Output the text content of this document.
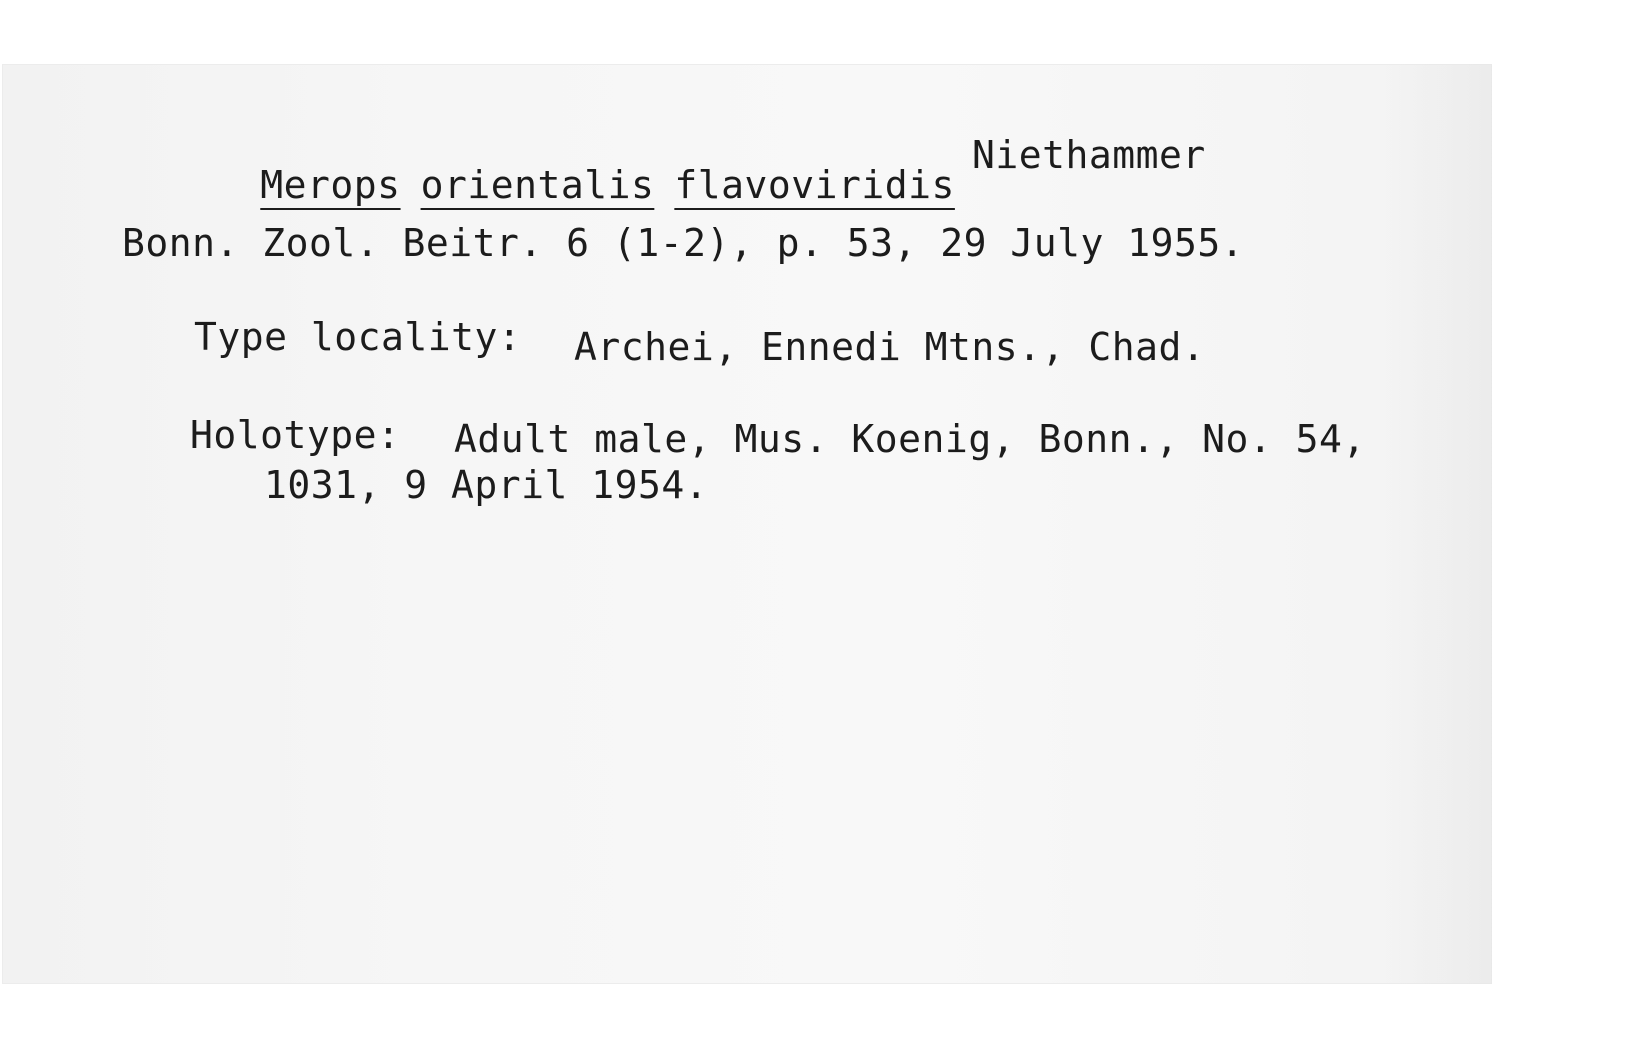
Merops orientalis flavoviridis

Niethammer
Bonn. Zool. Beitr. 6 (1-2), p. 53, 29 July 1955.
Type locality: Archei, Ennedi Mtns., Chad.
Holotype: Adult male, Mus. Koenig, Bonn., No. 54,
1031, 9 April 1954.
